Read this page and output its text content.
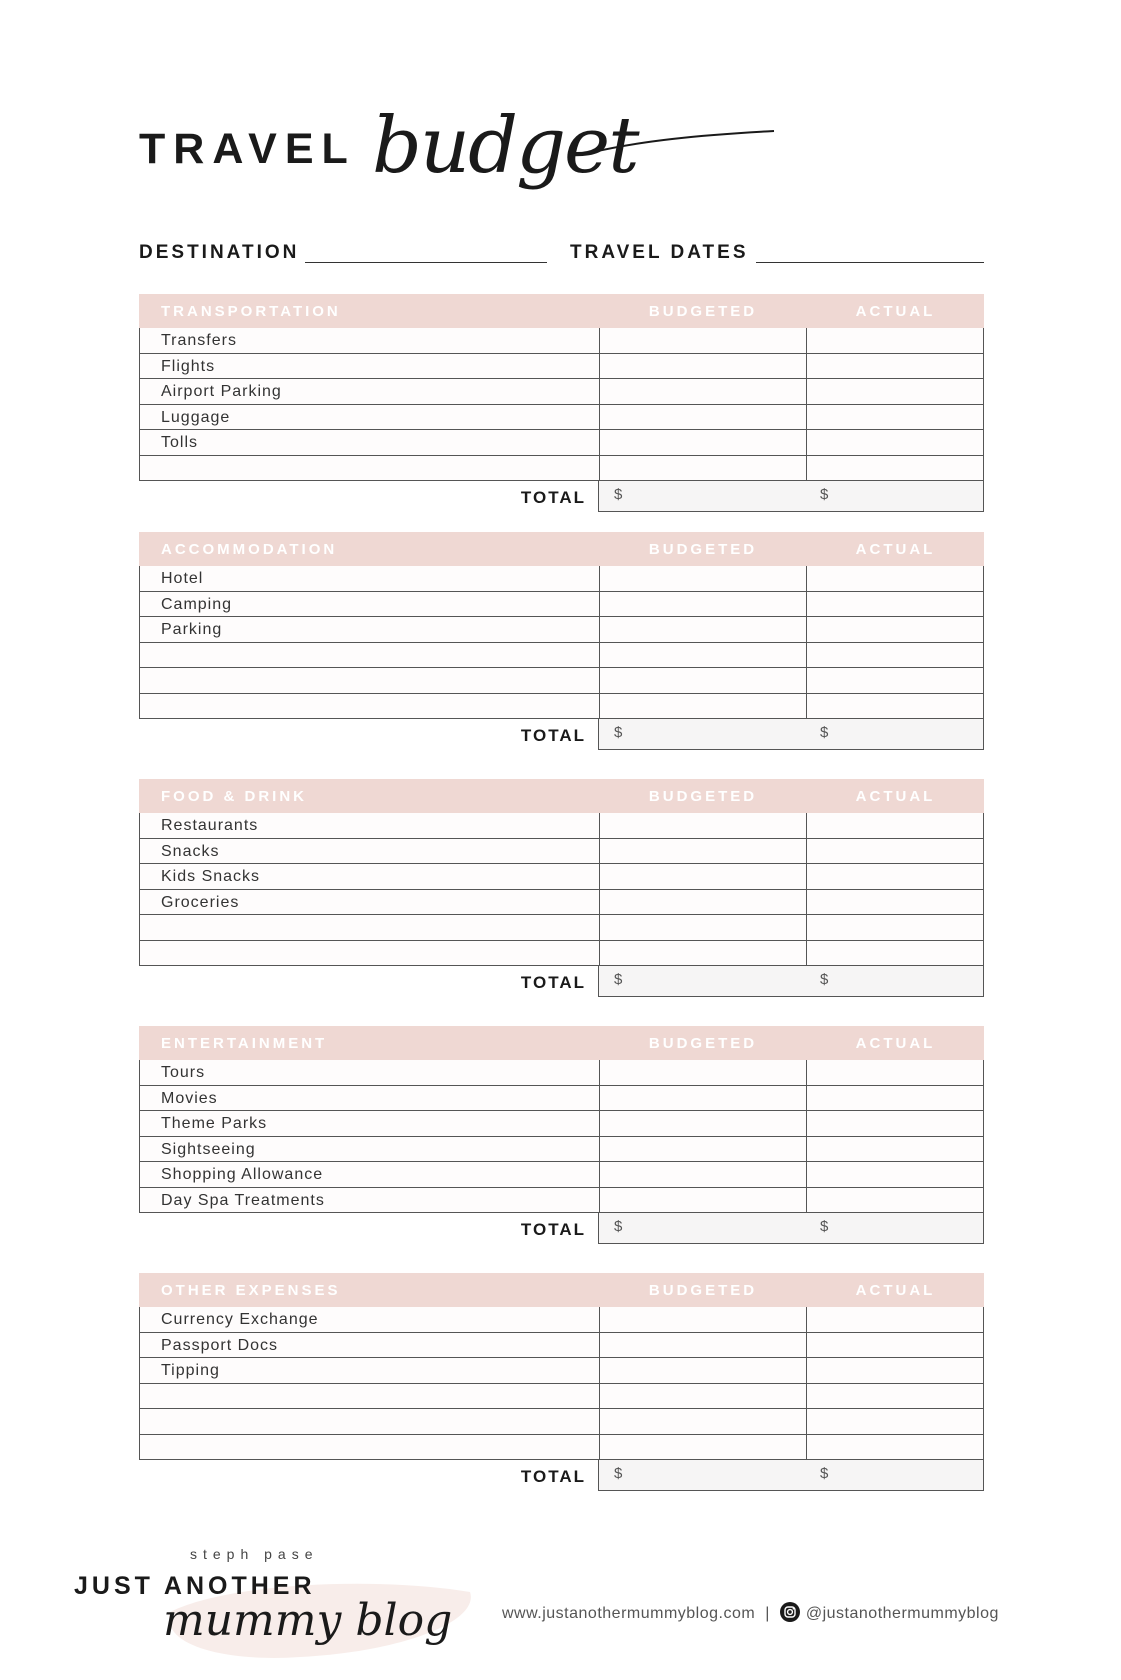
TRAVEL budget
DESTINATION	TRAVEL DATES
TRANSPORTATION	BUDGETED	ACTUAL
Transfers
Flights
Airport Parking
Luggage
Tolls
TOTAL $	$
ACCOMMODATION	BUDGETED	ACTUAL
Hotel
Camping
Parking
TOTAL $	$
FOOD & DRINK	BUDGETED	ACTUAL
Restaurants
Snacks
Kids Snacks
Groceries
TOTAL $	$
ENTERTAINMENT	BUDGETED	ACTUAL
Tours
Movies
Theme Parks
Sightseeing
Shopping Allowance
Day Spa Treatments
TOTAL $	$
OTHER EXPENSES	BUDGETED	ACTUAL
Currency Exchange
Passport Docs
Tipping
TOTAL $	$
steph pase
JUST ANOTHER
mummy blog	www.justanothermummyblog.com | @justanothermummyblog
